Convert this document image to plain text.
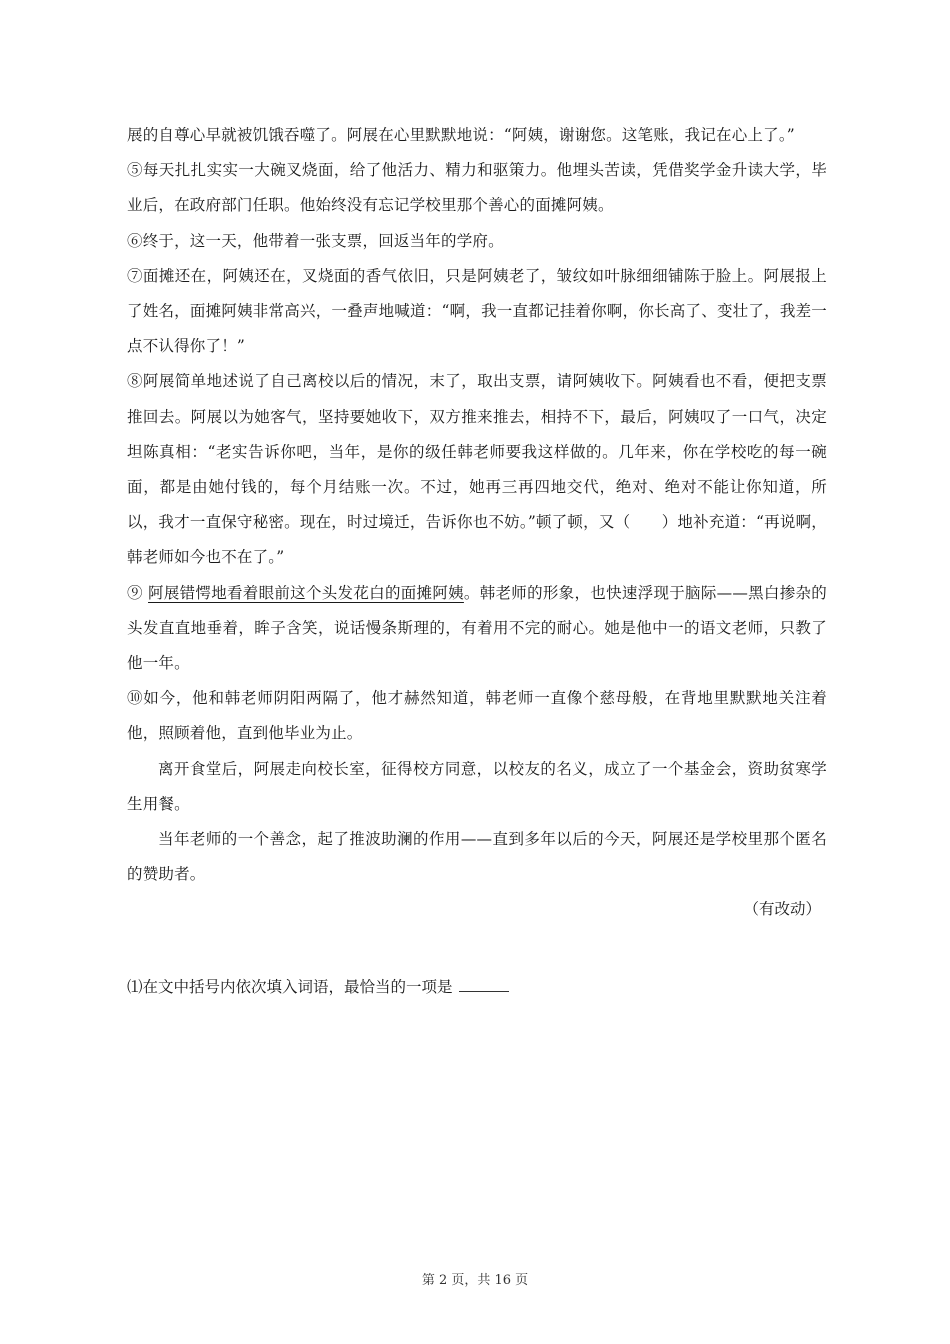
展的自尊心早就被饥饿吞噬了。阿展在心里默默地说：“阿姨，谢谢您。这笔账，我记在心上了。”

⑤每天扎扎实实一大碗叉烧面，给了他活力、精力和驱策力。他埋头苦读，凭借奖学金升读大学，毕业后，在政府部门任职。他始终没有忘记学校里那个善心的面摊阿姨。

⑥终于，这一天，他带着一张支票，回返当年的学府。

⑦面摊还在，阿姨还在，叉烧面的香气依旧，只是阿姨老了，皱纹如叶脉细细铺陈于脸上。阿展报上了姓名，面摊阿姨非常高兴，一叠声地喊道：“啊，我一直都记挂着你啊，你长高了、变壮了，我差一点不认得你了！”

⑧阿展简单地述说了自己离校以后的情况，末了，取出支票，请阿姨收下。阿姨看也不看，便把支票推回去。阿展以为她客气，坚持要她收下，双方推来推去，相持不下，最后，阿姨叹了一口气，决定坦陈真相：“老实告诉你吧，当年，是你的级任韩老师要我这样做的。几年来，你在学校吃的每一碗面，都是由她付钱的，每个月结账一次。不过，她再三再四地交代，绝对、绝对不能让你知道，所以，我才一直保守秘密。现在，时过境迁，告诉你也不妨。”顿了顿，又（　　）地补充道：“再说啊，韩老师如今也不在了。”

⑨ 阿展错愕地看着眼前这个头发花白的面摊阿姨。韩老师的形象，也快速浮现于脑际——黑白掺杂的头发直直地垂着，眸子含笑，说话慢条斯理的，有着用不完的耐心。她是他中一的语文老师，只教了他一年。

⑩如今，他和韩老师阴阳两隔了，他才赫然知道，韩老师一直像个慈母般，在背地里默默地关注着他，照顾着他，直到他毕业为止。

离开食堂后，阿展走向校长室，征得校方同意，以校友的名义，成立了一个基金会，资助贫寒学生用餐。

当年老师的一个善念，起了推波助澜的作用——直到多年以后的今天，阿展还是学校里那个匿名的赞助者。

（有改动）

⑴在文中括号内依次填入词语，最恰当的一项是

第 2 页，共 16 页
